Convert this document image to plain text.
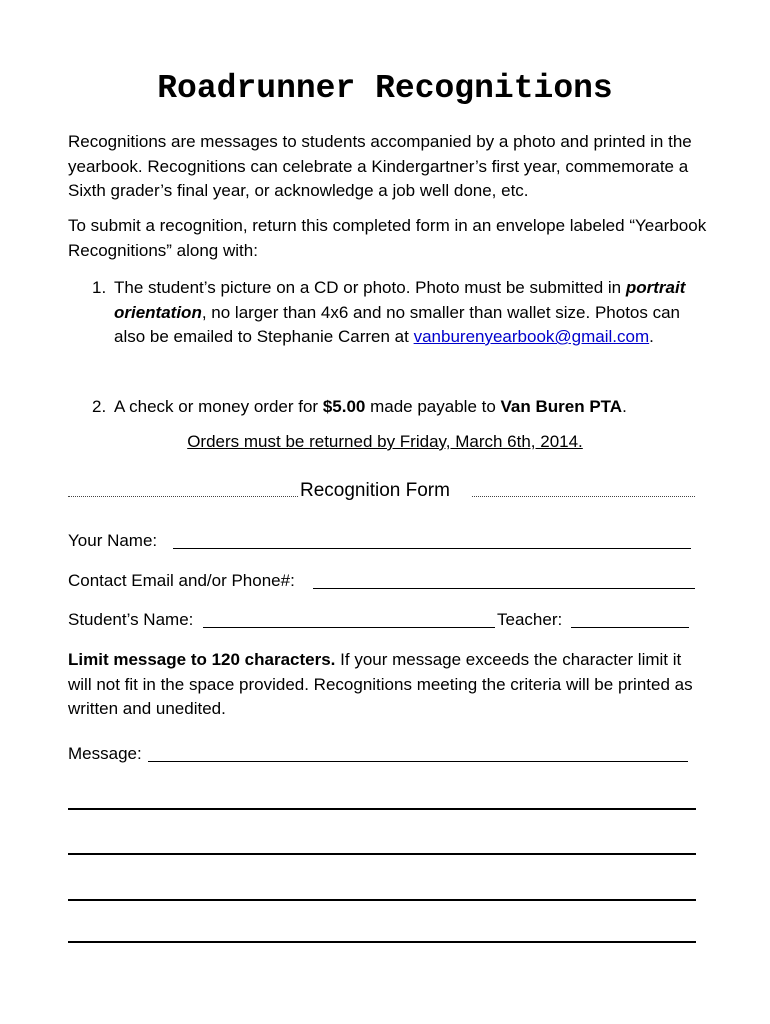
Roadrunner Recognitions

Recognitions are messages to students accompanied by a photo and printed in the yearbook. Recognitions can celebrate a Kindergartner’s first year, commemorate a Sixth grader’s final year, or acknowledge a job well done, etc.

To submit a recognition, return this completed form in an envelope labeled “Yearbook Recognitions” along with:

1. The student’s picture on a CD or photo. Photo must be submitted in portrait orientation, no larger than 4x6 and no smaller than wallet size. Photos can also be emailed to Stephanie Carren at vanburenyearbook@gmail.com.
2. A check or money order for $5.00 made payable to Van Buren PTA.
Orders must be returned by Friday, March 6th, 2014.
Recognition Form
Your Name:
Contact Email and/or Phone#:
Student’s Name:	Teacher:

Limit message to 120 characters. If your message exceeds the character limit it will not fit in the space provided. Recognitions meeting the criteria will be printed as written and unedited.

Message:
